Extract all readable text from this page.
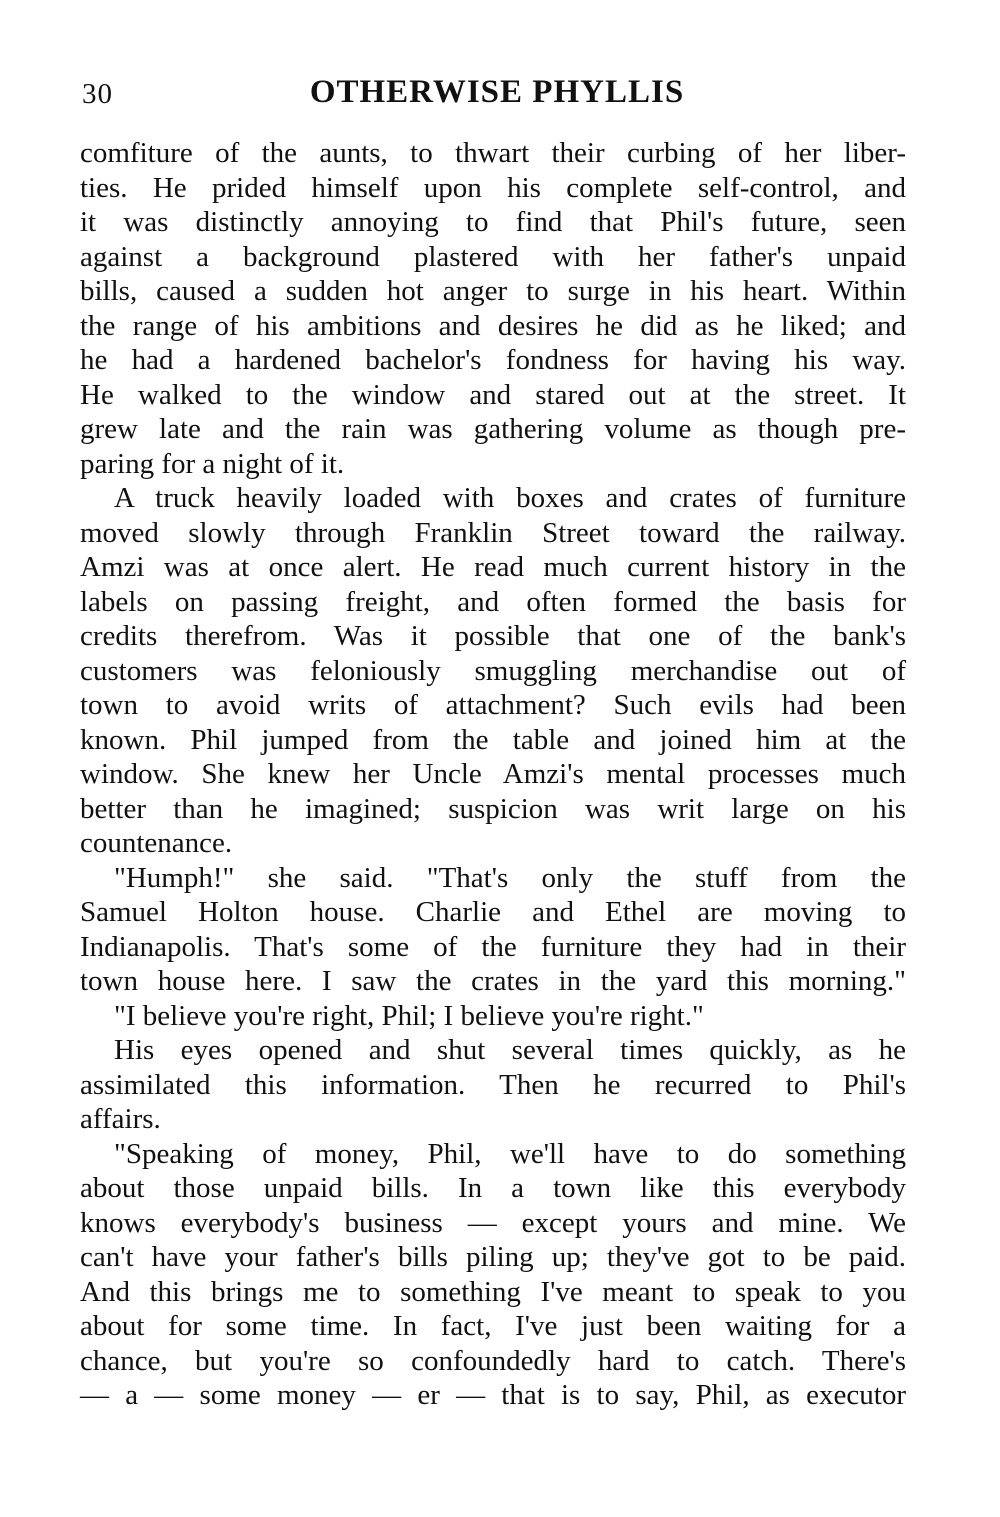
30	OTHERWISE PHYLLIS
comfiture of the aunts, to thwart their curbing of her liber-
ties. He prided himself upon his complete self-control, and
it was distinctly annoying to find that Phil's future, seen
against a background plastered with her father's unpaid
bills, caused a sudden hot anger to surge in his heart. Within
the range of his ambitions and desires he did as he liked; and
he had a hardened bachelor's fondness for having his way.
He walked to the window and stared out at the street. It
grew late and the rain was gathering volume as though pre-
paring for a night of it.
A truck heavily loaded with boxes and crates of furniture
moved slowly through Franklin Street toward the railway.
Amzi was at once alert. He read much current history in the
labels on passing freight, and often formed the basis for
credits therefrom. Was it possible that one of the bank's
customers was feloniously smuggling merchandise out of
town to avoid writs of attachment? Such evils had been
known. Phil jumped from the table and joined him at the
window. She knew her Uncle Amzi's mental processes much
better than he imagined; suspicion was writ large on his
countenance.
"Humph!" she said. "That's only the stuff from the
Samuel Holton house. Charlie and Ethel are moving to
Indianapolis. That's some of the furniture they had in their
town house here. I saw the crates in the yard this morning."
"I believe you're right, Phil; I believe you're right."
His eyes opened and shut several times quickly, as he
assimilated this information. Then he recurred to Phil's
affairs.
"Speaking of money, Phil, we'll have to do something
about those unpaid bills. In a town like this everybody
knows everybody's business — except yours and mine. We
can't have your father's bills piling up; they've got to be paid.
And this brings me to something I've meant to speak to you
about for some time. In fact, I've just been waiting for a
chance, but you're so confoundedly hard to catch. There's
— a — some money — er — that is to say, Phil, as executor
